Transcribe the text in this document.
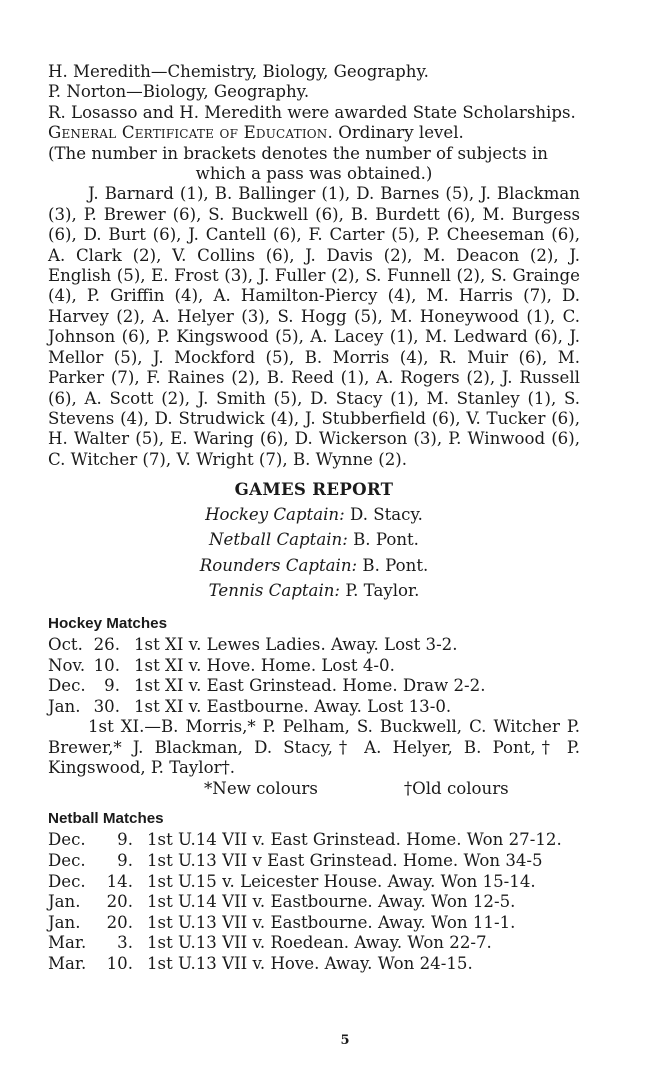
H. Meredith—Chemistry, Biology, Geography.
P. Norton—Biology, Geography.
R. Losasso and H. Meredith were awarded State Scholarships.
General Certificate of Education. Ordinary level.
(The number in brackets denotes the number of subjects in
which a pass was obtained.)
J. Barnard (1), B. Ballinger (1), D. Barnes (5), J. Blackman (3), P. Brewer (6), S. Buckwell (6), B. Burdett (6), M. Burgess (6), D. Burt (6), J. Cantell (6), F. Carter (5), P. Cheeseman (6), A. Clark (2), V. Collins (6), J. Davis (2), M. Deacon (2), J. English (5), E. Frost (3), J. Fuller (2), S. Funnell (2), S. Grainge (4), P. Griffin (4), A. Hamilton-Piercy (4), M. Harris (7), D. Harvey (2), A. Helyer (3), S. Hogg (5), M. Honeywood (1), C. Johnson (6), P. Kingswood (5), A. Lacey (1), M. Ledward (6), J. Mellor (5), J. Mockford (5), B. Morris (4), R. Muir (6), M. Parker (7), F. Raines (2), B. Reed (1), A. Rogers (2), J. Russell (6), A. Scott (2), J. Smith (5), D. Stacy (1), M. Stanley (1), S. Stevens (4), D. Strudwick (4), J. Stubberfield (6), V. Tucker (6), H. Walter (5), E. Waring (6), D. Wickerson (3), P. Winwood (6), C. Witcher (7), V. Wright (7), B. Wynne (2).
GAMES REPORT
Hockey Captain: D. Stacy.
Netball Captain: B. Pont.
Rounders Captain: B. Pont.
Tennis Captain: P. Taylor.
Hockey Matches
Oct. 26. 1st XI v. Lewes Ladies. Away. Lost 3-2.
Nov. 10. 1st XI v. Hove. Home. Lost 4-0.
Dec.	9. 1st XI v. East Grinstead. Home. Draw 2-2.
Jan. 30. 1st XI v. Eastbourne. Away. Lost 13-0.
1st XI.—B. Morris,* P. Pelham, S. Buckwell, C. Witcher P. Brewer,* J. Blackman, D. Stacy,† A. Helyer, B. Pont,† P. Kingswood, P. Taylor†.
*New colours	†Old colours
Netball Matches
Dec.	9. 1st U.14 VII v. East Grinstead. Home. Won 27-12.
Dec.	9. 1st U.13 VII v East Grinstead. Home. Won 34-5
Dec.	14. 1st U.15 v. Leicester House. Away. Won 15-14.
Jan.	20. 1st U.14 VII v. Eastbourne. Away. Won 12-5.
Jan.	20. 1st U.13 VII v. Eastbourne. Away. Won 11-1.
Mar.	3. 1st U.13 VII v. Roedean. Away. Won 22-7.
Mar.	10. 1st U.13 VII v. Hove. Away. Won 24-15.
5
